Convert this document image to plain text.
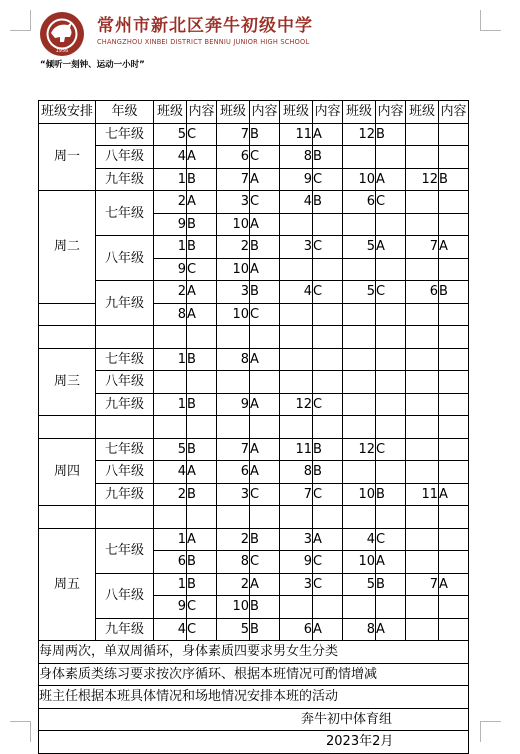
1956
常州市新北区奔牛初级中学
CHANGZHOU XINBEI DISTRICT BENNIU JUNIOR HIGH SCHOOL
“倾听一刻钟、运动一小时”
班级安排	年级	班级	内容	班级	内容	班级	内容	班级	内容	班级	内容
周一	七年级	5	C	7	B	11	A	12	B		
	八年级	4	A	6	C	8	B				
	九年级	1	B	7	A	9	C	10	A	12	B
周二	七年级	2	A	3	C	4	B	6	C		
		9	B	10	A						
	八年级	1	B	2	B	3	C	5	A	7	A
		9	C	10	A						
	九年级	2	A	3	B	4	C	5	C	6	B
		8	A	10	C						

周三	七年级	1	B	8	A						
	八年级										
	九年级	1	B	9	A	12	C				

周四	七年级	5	B	7	A	11	B	12	C		
	八年级	4	A	6	A	8	B				
	九年级	2	B	3	C	7	C	10	B	11	A

周五	七年级	1	A	2	B	3	A	4	C		
		6	B	8	C	9	C	10	A		
	八年级	1	B	2	A	3	C	5	B	7	A
		9	C	10	B						
	九年级	4	C	5	B	6	A	8	A		
每周两次，单双周循环，身体素质四要求男女生分类											
身体素质类练习要求按次序循环、根据本班情况可酌情增减											
班主任根据本班具体情况和场地情况安排本班的活动											
奔牛初中体育组											
2023年2月											
